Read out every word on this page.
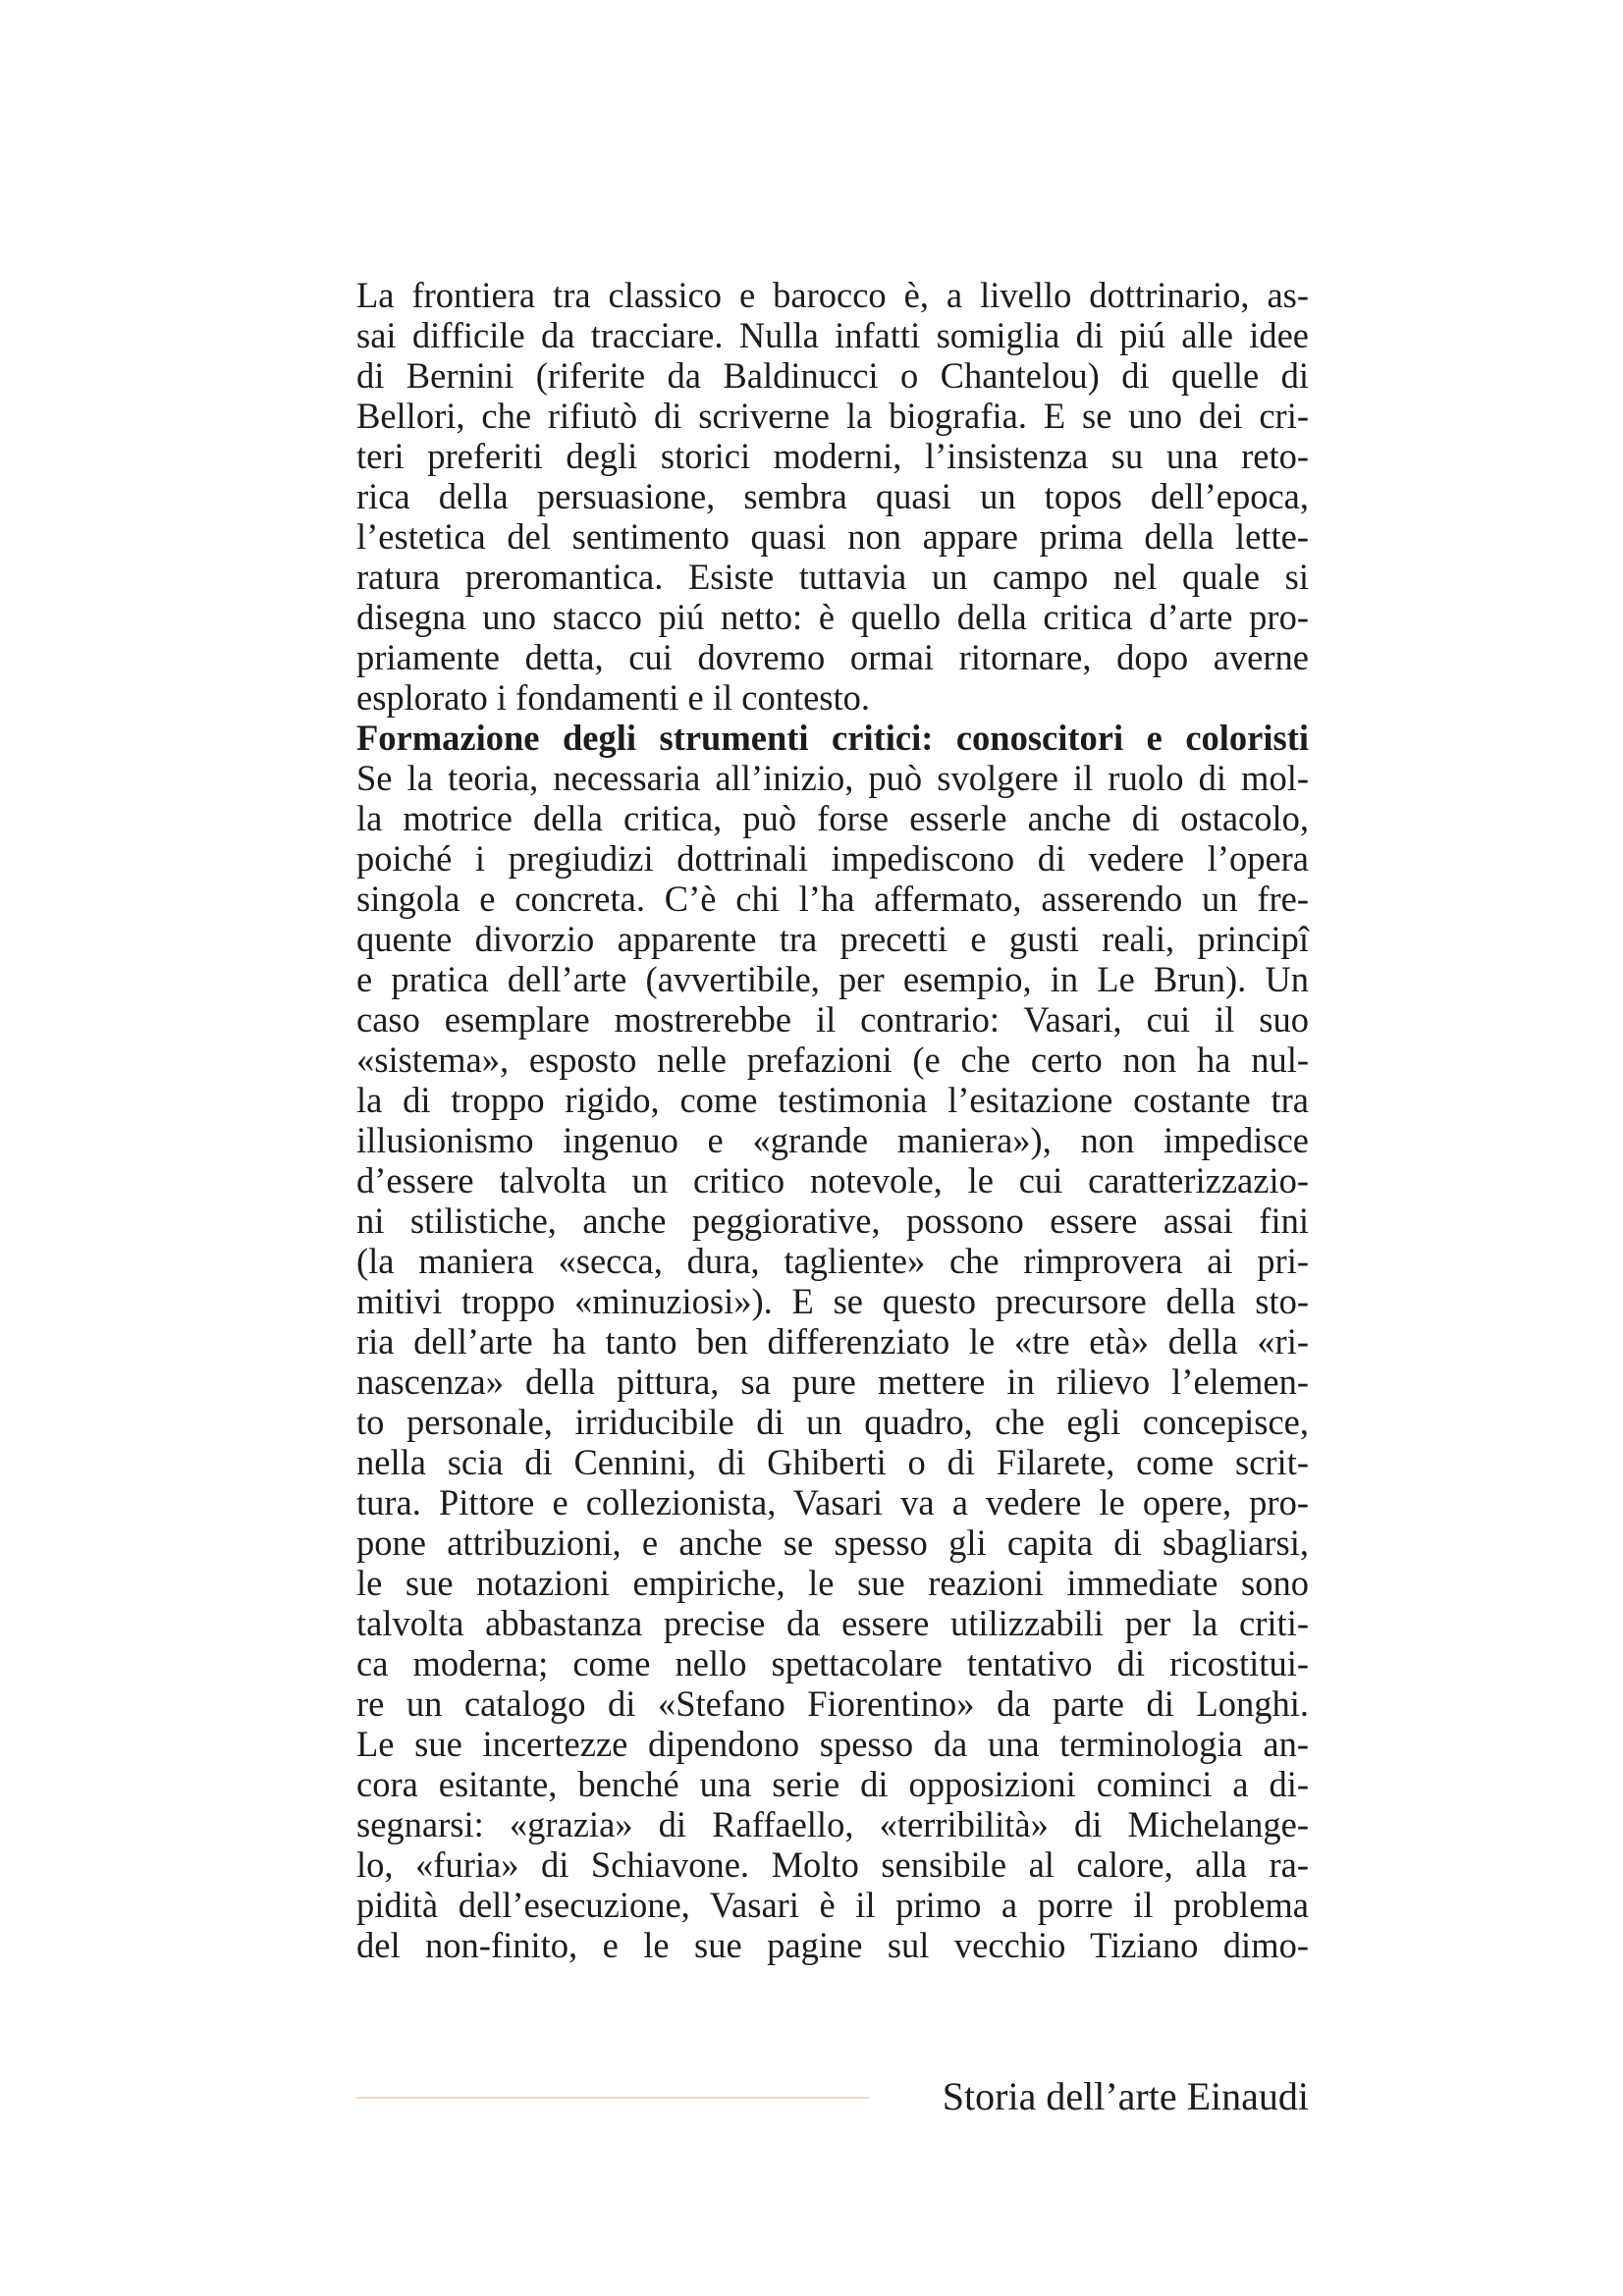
La frontiera tra classico e barocco è, a livello dottrinario, as-
sai difficile da tracciare. Nulla infatti somiglia di piú alle idee
di Bernini (riferite da Baldinucci o Chantelou) di quelle di
Bellori, che rifiutò di scriverne la biografia. E se uno dei cri-
teri preferiti degli storici moderni, l’insistenza su una reto-
rica della persuasione, sembra quasi un topos dell’epoca,
l’estetica del sentimento quasi non appare prima della lette-
ratura preromantica. Esiste tuttavia un campo nel quale si
disegna uno stacco piú netto: è quello della critica d’arte pro-
priamente detta, cui dovremo ormai ritornare, dopo averne
esplorato i fondamenti e il contesto.
Formazione degli strumenti critici: conoscitori e coloristi
Se la teoria, necessaria all’inizio, può svolgere il ruolo di mol-
la motrice della critica, può forse esserle anche di ostacolo,
poiché i pregiudizi dottrinali impediscono di vedere l’opera
singola e concreta. C’è chi l’ha affermato, asserendo un fre-
quente divorzio apparente tra precetti e gusti reali, principî
e pratica dell’arte (avvertibile, per esempio, in Le Brun). Un
caso esemplare mostrerebbe il contrario: Vasari, cui il suo
«sistema», esposto nelle prefazioni (e che certo non ha nul-
la di troppo rigido, come testimonia l’esitazione costante tra
illusionismo ingenuo e «grande maniera»), non impedisce
d’essere talvolta un critico notevole, le cui caratterizzazio-
ni stilistiche, anche peggiorative, possono essere assai fini
(la maniera «secca, dura, tagliente» che rimprovera ai pri-
mitivi troppo «minuziosi»). E se questo precursore della sto-
ria dell’arte ha tanto ben differenziato le «tre età» della «ri-
nascenza» della pittura, sa pure mettere in rilievo l’elemen-
to personale, irriducibile di un quadro, che egli concepisce,
nella scia di Cennini, di Ghiberti o di Filarete, come scrit-
tura. Pittore e collezionista, Vasari va a vedere le opere, pro-
pone attribuzioni, e anche se spesso gli capita di sbagliarsi,
le sue notazioni empiriche, le sue reazioni immediate sono
talvolta abbastanza precise da essere utilizzabili per la criti-
ca moderna; come nello spettacolare tentativo di ricostitui-
re un catalogo di «Stefano Fiorentino» da parte di Longhi.
Le sue incertezze dipendono spesso da una terminologia an-
cora esitante, benché una serie di opposizioni cominci a di-
segnarsi: «grazia» di Raffaello, «terribilità» di Michelange-
lo, «furia» di Schiavone. Molto sensibile al calore, alla ra-
pidità dell’esecuzione, Vasari è il primo a porre il problema
del non-finito, e le sue pagine sul vecchio Tiziano dimo-
Storia dell’arte Einaudi
